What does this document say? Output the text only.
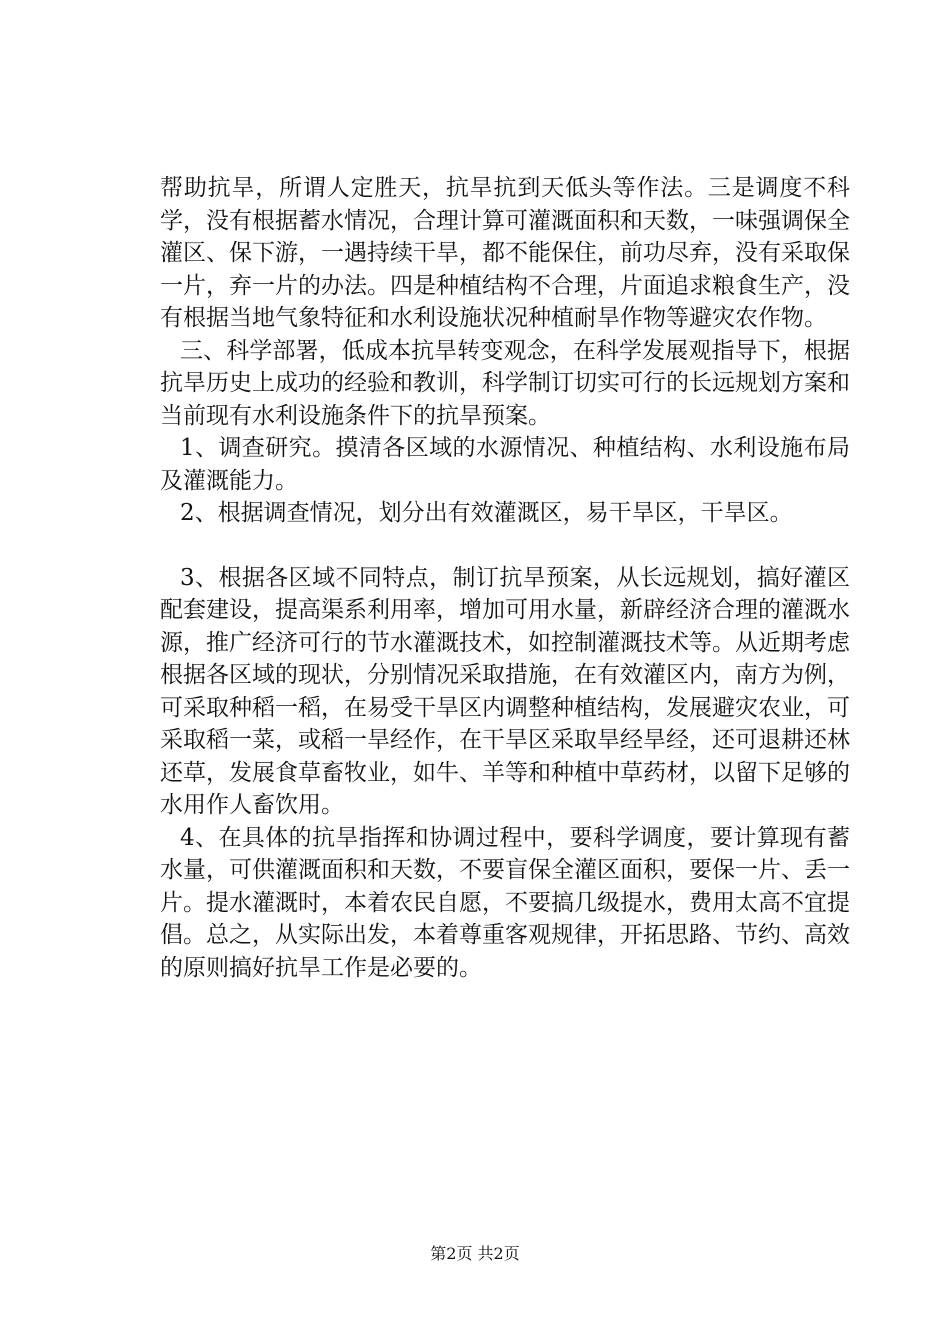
帮助抗旱，所谓人定胜天，抗旱抗到天低头等作法。三是调度不科学，没有根据蓄水情况，合理计算可灌溉面积和天数，一味强调保全灌区、保下游，一遇持续干旱，都不能保住，前功尽弃，没有采取保一片，弃一片的办法。四是种植结构不合理，片面追求粮食生产，没有根据当地气象特征和水利设施状况种植耐旱作物等避灾农作物。

三、科学部署，低成本抗旱转变观念，在科学发展观指导下，根据抗旱历史上成功的经验和教训，科学制订切实可行的长远规划方案和当前现有水利设施条件下的抗旱预案。

1、调查研究。摸清各区域的水源情况、种植结构、水利设施布局及灌溉能力。

2、根据调查情况，划分出有效灌溉区，易干旱区，干旱区。

3、根据各区域不同特点，制订抗旱预案，从长远规划，搞好灌区配套建设，提高渠系利用率，增加可用水量，新辟经济合理的灌溉水源，推广经济可行的节水灌溉技术，如控制灌溉技术等。从近期考虑根据各区域的现状，分别情况采取措施，在有效灌区内，南方为例，可采取种稻一稻，在易受干旱区内调整种植结构，发展避灾农业，可采取稻一菜，或稻一旱经作，在干旱区采取旱经旱经，还可退耕还林还草，发展食草畜牧业，如牛、羊等和种植中草药材，以留下足够的水用作人畜饮用。

4、在具体的抗旱指挥和协调过程中，要科学调度，要计算现有蓄水量，可供灌溉面积和天数，不要盲保全灌区面积，要保一片、丢一片。提水灌溉时，本着农民自愿，不要搞几级提水，费用太高不宜提倡。总之，从实际出发，本着尊重客观规律，开拓思路、节约、高效的原则搞好抗旱工作是必要的。

第2页 共2页
